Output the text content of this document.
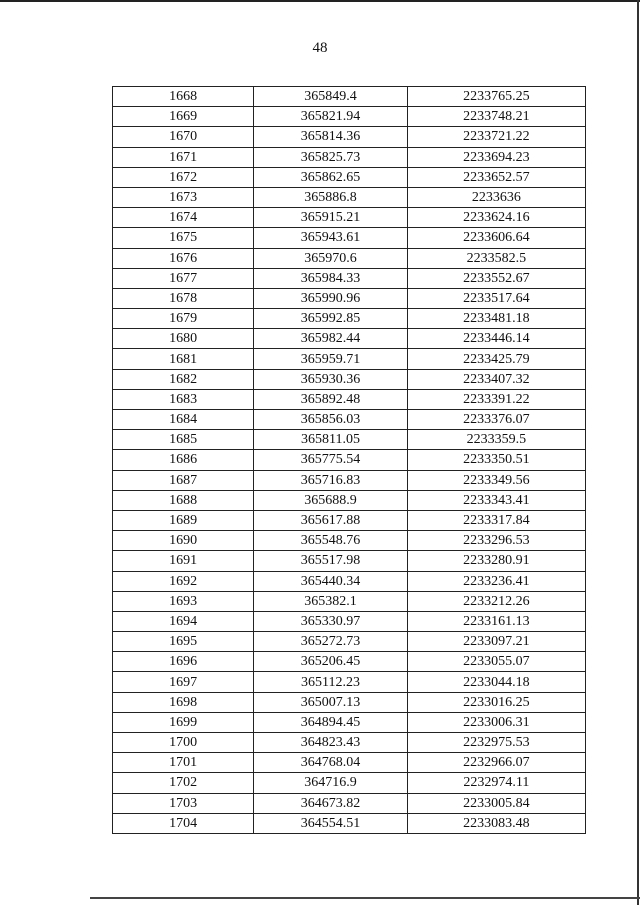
48
1668	365849.4	2233765.25
1669	365821.94	2233748.21
1670	365814.36	2233721.22
1671	365825.73	2233694.23
1672	365862.65	2233652.57
1673	365886.8	2233636
1674	365915.21	2233624.16
1675	365943.61	2233606.64
1676	365970.6	2233582.5
1677	365984.33	2233552.67
1678	365990.96	2233517.64
1679	365992.85	2233481.18
1680	365982.44	2233446.14
1681	365959.71	2233425.79
1682	365930.36	2233407.32
1683	365892.48	2233391.22
1684	365856.03	2233376.07
1685	365811.05	2233359.5
1686	365775.54	2233350.51
1687	365716.83	2233349.56
1688	365688.9	2233343.41
1689	365617.88	2233317.84
1690	365548.76	2233296.53
1691	365517.98	2233280.91
1692	365440.34	2233236.41
1693	365382.1	2233212.26
1694	365330.97	2233161.13
1695	365272.73	2233097.21
1696	365206.45	2233055.07
1697	365112.23	2233044.18
1698	365007.13	2233016.25
1699	364894.45	2233006.31
1700	364823.43	2232975.53
1701	364768.04	2232966.07
1702	364716.9	2232974.11
1703	364673.82	2233005.84
1704	364554.51	2233083.48
